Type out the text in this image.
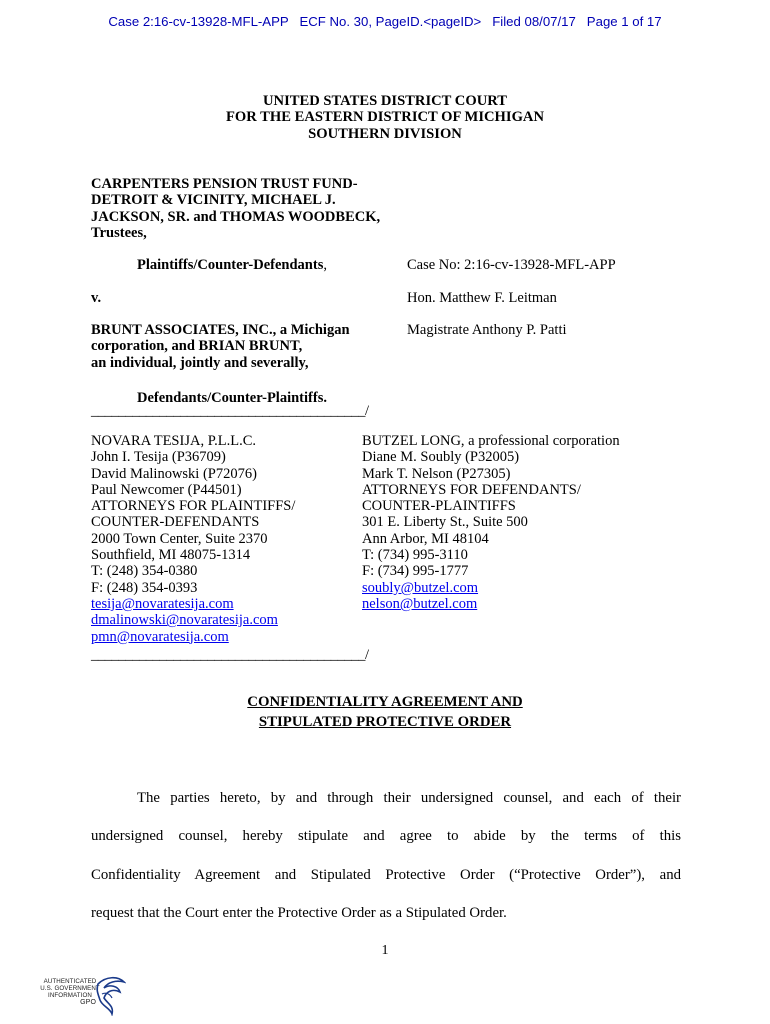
Case 2:16-cv-13928-MFL-APP   ECF No. 30, PageID.<pageID>   Filed 08/07/17   Page 1 of 17
UNITED STATES DISTRICT COURT
FOR THE EASTERN DISTRICT OF MICHIGAN
SOUTHERN DIVISION
CARPENTERS PENSION TRUST FUND-
DETROIT & VICINITY, MICHAEL J.
JACKSON, SR. and THOMAS WOODBECK,
Trustees,
Plaintiffs/Counter-Defendants,
v.
BRUNT ASSOCIATES, INC., a Michigan
corporation, and BRIAN BRUNT,
an individual, jointly and severally,
Defendants/Counter-Plaintiffs.
Case No: 2:16-cv-13928-MFL-APP
Hon. Matthew F. Leitman
Magistrate Anthony P. Patti
________________________________________/
NOVARA TESIJA, P.L.L.C.
John I. Tesija (P36709)
David Malinowski (P72076)
Paul Newcomer (P44501)
ATTORNEYS FOR PLAINTIFFS/
COUNTER-DEFENDANTS
2000 Town Center, Suite 2370
Southfield, MI 48075-1314
T: (248) 354-0380
F: (248) 354-0393
tesija@novaratesija.com
dmalinowski@novaratesija.com
pmn@novaratesija.com
BUTZEL LONG, a professional corporation
Diane M. Soubly (P32005)
Mark T. Nelson (P27305)
ATTORNEYS FOR DEFENDANTS/
COUNTER-PLAINTIFFS
301 E. Liberty St., Suite 500
Ann Arbor, MI 48104
T: (734) 995-3110
F: (734) 995-1777
soubly@butzel.com
nelson@butzel.com
________________________________________/
CONFIDENTIALITY AGREEMENT AND
STIPULATED PROTECTIVE ORDER
The parties hereto, by and through their undersigned counsel, and each of their
undersigned counsel, hereby stipulate and agree to abide by the terms of this
Confidentiality Agreement and Stipulated Protective Order (“Protective Order”), and
request that the Court enter the Protective Order as a Stipulated Order.
1
AUTHENTICATED
U.S. GOVERNMENT
INFORMATION
GPO
